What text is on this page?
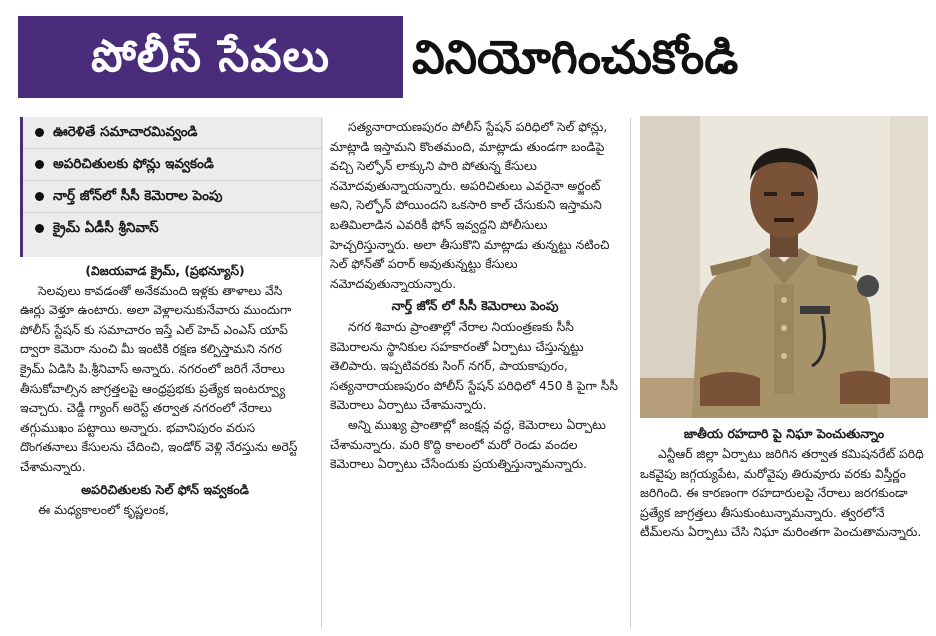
పోలీస్ సేవలు	వినియోగించుకోండి
ఊరెళితే సమాచారమివ్వండి
అపరిచితులకు ఫోన్లు ఇవ్వకండి
నార్త్ జోన్‌లో సీసీ కెమెరాల పెంపు
క్రైమ్ ఏడీసీ శ్రీనివాస్
(విజయవాడ క్రైమ్, (ప్రభన్యూస్)

సెలవులు కావడంతో అనేకమంది ఇళ్లకు తాళాలు వేసి ఊర్లు వెళ్తూ ఉంటారు. అలా వెళ్లాలనుకునేవారు ముందుగా పోలీస్ స్టేషన్ కు సమాచారం ఇస్తే ఎల్ హెచ్ ఎంఎస్ యాప్ ద్వారా కెమెరా నుంచి మీ ఇంటికి రక్షణ కల్పిస్తామని నగర క్రైమ్ ఏడిసి పి.శ్రీనివాస్ అన్నారు. నగరంలో జరిగే నేరాలు తీసుకోవాల్సిన జాగ్రత్తలపై ఆంధ్రప్రభకు ప్రత్యేక ఇంటర్వ్యూ ఇచ్చారు. చెడ్డీ గ్యాంగ్ అరెస్ట్ తర్వాత నగరంలో నేరాలు తగ్గుముఖం పట్టాయి అన్నారు. భవానిపురం వరుస దొంగతనాలు కేసులను చేదించి, ఇండోర్ వెళ్లి నేరస్తును అరెస్ట్ చేశామన్నారు.

అపరిచితులకు సెల్ ఫోన్ ఇవ్వకండి

ఈ మధ్యకాలంలో కృష్ణలంక,

సత్యనారాయణపురం పోలీస్ స్టేషన్ పరిధిలో సెల్ ఫోన్లు, మాట్లాడి ఇస్తామని కొంతమంది, మాట్లాడు తుండగా బండిపై వచ్చి సెల్ఫోన్ లాక్కుని పారి పోతున్న కేసులు నమోదవుతున్నాయన్నారు. అపరిచితులు ఎవరైనా అర్జంట్ అని, సెల్ఫోన్ పోయిందని ఒకసారి కాల్ చేసుకుని ఇస్తామని బతిమిలాడిన ఎవరికీ ఫోన్ ఇవ్వద్దని పోలీసులు హెచ్చరిస్తున్నారు. అలా తీసుకొని మాట్లాడు తున్నట్టు నటించి సెల్ ఫోన్‌తో పరార్ అవుతున్నట్టు కేసులు నమోదవుతున్నాయన్నారు.

నార్త్ జోన్ లో సీసీ కెమెరాలు పెంపు

నగర శివారు ప్రాంతాల్లో నేరాల నియంత్రణకు సీసీ కెమెరాలను స్థానికుల సహకారంతో ఏర్పాటు చేస్తున్నట్టు తెలిపారు. ఇప్పటివరకు సింగ్ నగర్, పాయకాపురం, సత్యనారాయణపురం పోలీస్ స్టేషన్ పరిధిలో 450 కి పైగా సీసీ కెమెరాలు ఏర్పాటు చేశామన్నారు.

అన్ని ముఖ్య ప్రాంతాల్లో జంక్షన్ల వద్ద, కెమెరాలు ఏర్పాటు చేశామన్నారు. మరి కొద్ది కాలంలో మరో రెండు వందల కెమెరాలు ఏర్పాటు చేసేందుకు ప్రయత్నిస్తున్నామన్నారు.

జాతీయ రహదారి పై నిఘా పెంచుతున్నాం

ఎన్టీఆర్ జిల్లా ఏర్పాటు జరిగిన తర్వాత కమిషనరేట్ పరిధి ఒకవైపు జగ్గయ్యపేట, మరోవైపు తిరువూరు వరకు విస్తీర్ణం జరిగింది. ఈ కారణంగా రహదారులపై నేరాలు జరగకుండా ప్రత్యేక జాగ్రత్తలు తీసుకుంటున్నామన్నారు. త్వరలోనే టీమ్‌లను ఏర్పాటు చేసి నిఘా మరింతగా పెంచుతామన్నారు.
